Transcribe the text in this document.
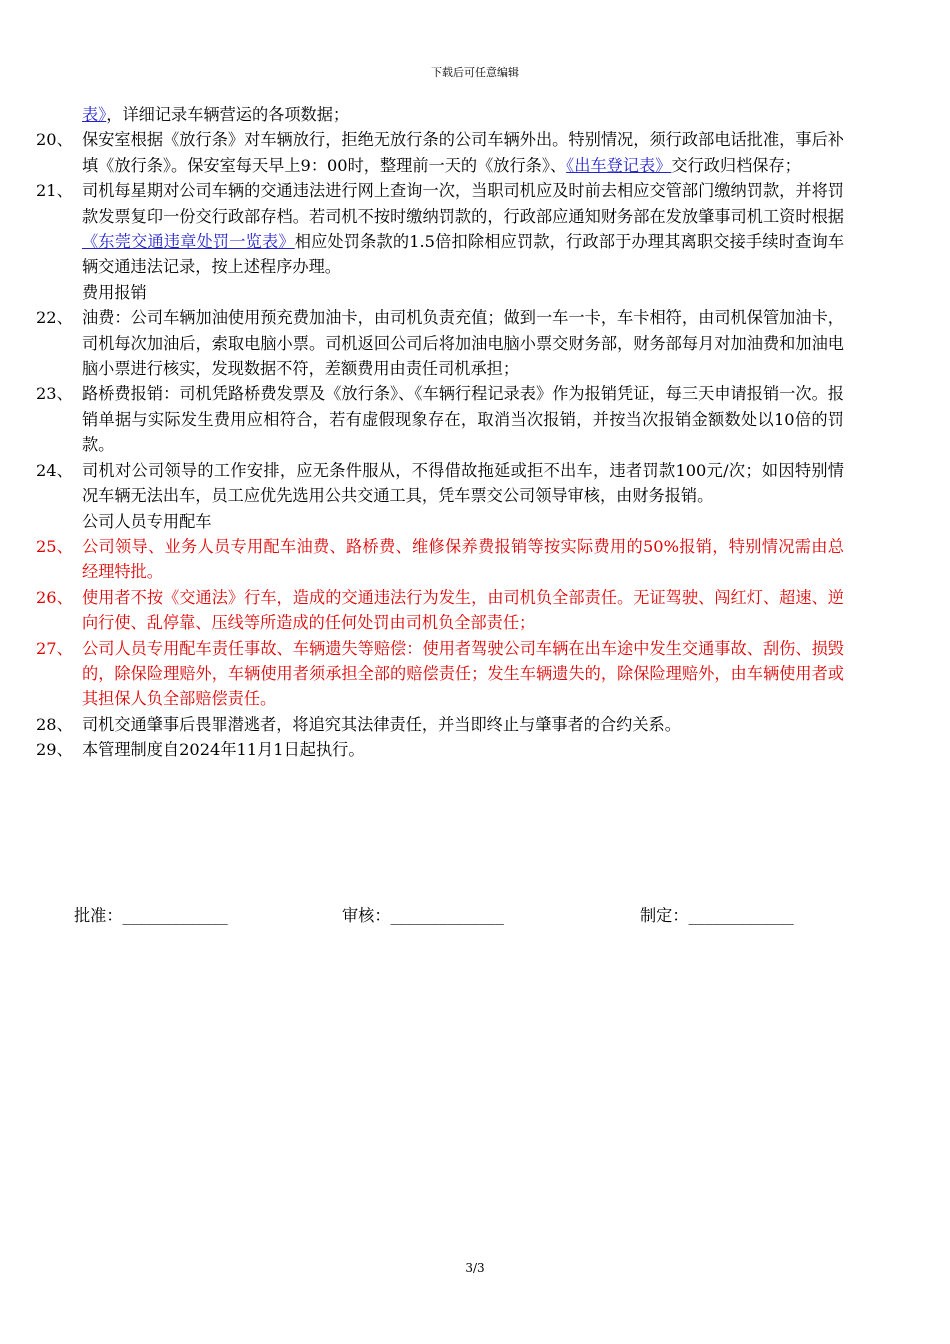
下载后可任意编辑
表》，详细记录车辆营运的各项数据；
20、 保安室根据《放行条》对车辆放行，拒绝无放行条的公司车辆外出。特别情况，须行政部电话批准，事后补填《放行条》。保安室每天早上9：00时，整理前一天的《放行条》、《出车登记表》交行政归档保存；
21、 司机每星期对公司车辆的交通违法进行网上查询一次，当职司机应及时前去相应交管部门缴纳罚款，并将罚款发票复印一份交行政部存档。若司机不按时缴纳罚款的，行政部应通知财务部在发放肇事司机工资时根据《东莞交通违章处罚一览表》相应处罚条款的1.5倍扣除相应罚款，行政部于办理其离职交接手续时查询车辆交通违法记录，按上述程序办理。
费用报销
22、 油费：公司车辆加油使用预充费加油卡，由司机负责充值；做到一车一卡，车卡相符，由司机保管加油卡，司机每次加油后，索取电脑小票。司机返回公司后将加油电脑小票交财务部，财务部每月对加油费和加油电脑小票进行核实，发现数据不符，差额费用由责任司机承担；
23、 路桥费报销：司机凭路桥费发票及《放行条》、《车辆行程记录表》作为报销凭证，每三天申请报销一次。报销单据与实际发生费用应相符合，若有虚假现象存在，取消当次报销，并按当次报销金额数处以10倍的罚款。
24、 司机对公司领导的工作安排，应无条件服从，不得借故拖延或拒不出车，违者罚款100元/次；如因特别情况车辆无法出车，员工应优先选用公共交通工具，凭车票交公司领导审核，由财务报销。
公司人员专用配车
25、 公司领导、业务人员专用配车油费、路桥费、维修保养费报销等按实际费用的50%报销，特别情况需由总经理特批。
26、 使用者不按《交通法》行车，造成的交通违法行为发生，由司机负全部责任。无证驾驶、闯红灯、超速、逆向行使、乱停靠、压线等所造成的任何处罚由司机负全部责任；
27、 公司人员专用配车责任事故、车辆遗失等赔偿：使用者驾驶公司车辆在出车途中发生交通事故、刮伤、损毁的，除保险理赔外，车辆使用者须承担全部的赔偿责任；发生车辆遗失的，除保险理赔外，由车辆使用者或其担保人负全部赔偿责任。
28、 司机交通肇事后畏罪潜逃者，将追究其法律责任，并当即终止与肇事者的合约关系。
29、 本管理制度自2024年11月1日起执行。
批准：_____________	审核：______________	制定：_____________
3/3
